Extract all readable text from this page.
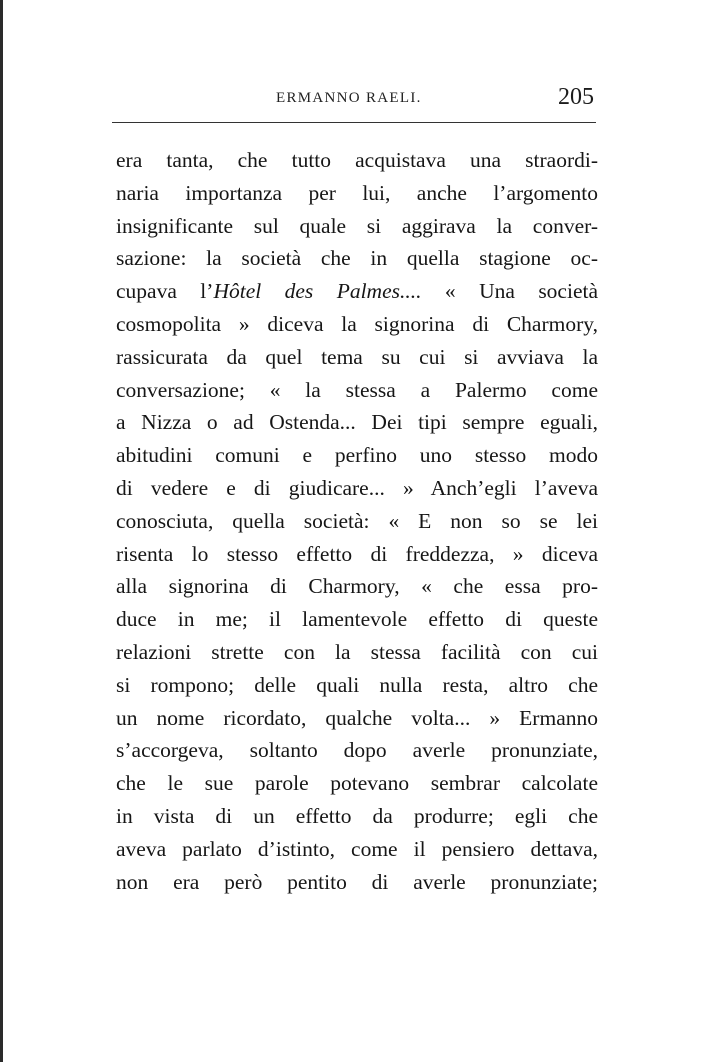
ERMANNO RAELI.	205
era tanta, che tutto acquistava una straordi-
naria importanza per lui, anche l’argomento
insignificante sul quale si aggirava la conver-
sazione: la società che in quella stagione oc-
cupava l’Hôtel des Palmes.... « Una società
cosmopolita » diceva la signorina di Charmory,
rassicurata da quel tema su cui si avviava la
conversazione; « la stessa a Palermo come
a Nizza o ad Ostenda... Dei tipi sempre eguali,
abitudini comuni e perfino uno stesso modo
di vedere e di giudicare... » Anch’egli l’aveva
conosciuta, quella società: « E non so se lei
risenta lo stesso effetto di freddezza, » diceva
alla signorina di Charmory, « che essa pro-
duce in me; il lamentevole effetto di queste
relazioni strette con la stessa facilità con cui
si rompono; delle quali nulla resta, altro che
un nome ricordato, qualche volta... » Ermanno
s’accorgeva, soltanto dopo averle pronunziate,
che le sue parole potevano sembrar calcolate
in vista di un effetto da produrre; egli che
aveva parlato d’istinto, come il pensiero dettava,
non era però pentito di averle pronunziate;
